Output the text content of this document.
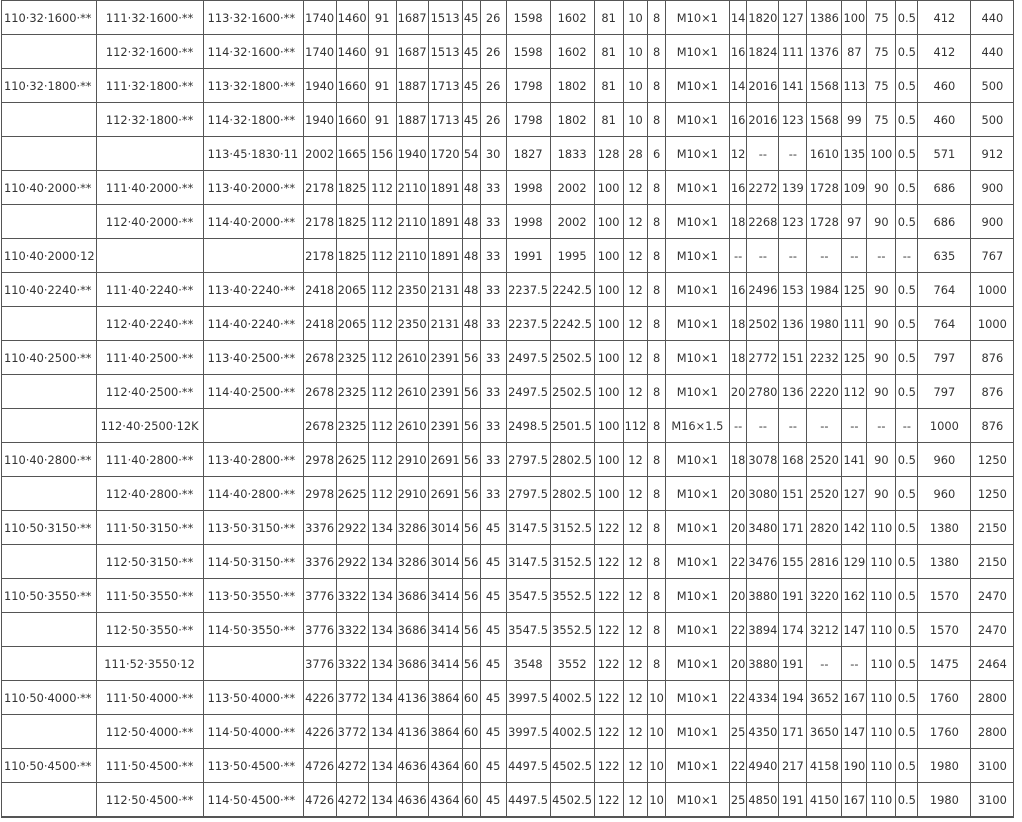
110·32·1600·**	111·32·1600·**	113·32·1600·**	1740	1460	91	1687	1513	45	26	1598	1602	81	10	8	M10×1	14	1820	127	1386	100	75	0.5	412	440
	112·32·1600·**	114·32·1600·**	1740	1460	91	1687	1513	45	26	1598	1602	81	10	8	M10×1	16	1824	111	1376	87	75	0.5	412	440
110·32·1800·**	111·32·1800·**	113·32·1800·**	1940	1660	91	1887	1713	45	26	1798	1802	81	10	8	M10×1	14	2016	141	1568	113	75	0.5	460	500
	112·32·1800·**	114·32·1800·**	1940	1660	91	1887	1713	45	26	1798	1802	81	10	8	M10×1	16	2016	123	1568	99	75	0.5	460	500
		113·45·1830·11	2002	1665	156	1940	1720	54	30	1827	1833	128	28	6	M10×1	12	--	--	1610	135	100	0.5	571	912
110·40·2000·**	111·40·2000·**	113·40·2000·**	2178	1825	112	2110	1891	48	33	1998	2002	100	12	8	M10×1	16	2272	139	1728	109	90	0.5	686	900
	112·40·2000·**	114·40·2000·**	2178	1825	112	2110	1891	48	33	1998	2002	100	12	8	M10×1	18	2268	123	1728	97	90	0.5	686	900
110·40·2000·12			2178	1825	112	2110	1891	48	33	1991	1995	100	12	8	M10×1	--	--	--	--	--	--	--	635	767
110·40·2240·**	111·40·2240·**	113·40·2240·**	2418	2065	112	2350	2131	48	33	2237.5	2242.5	100	12	8	M10×1	16	2496	153	1984	125	90	0.5	764	1000
	112·40·2240·**	114·40·2240·**	2418	2065	112	2350	2131	48	33	2237.5	2242.5	100	12	8	M10×1	18	2502	136	1980	111	90	0.5	764	1000
110·40·2500·**	111·40·2500·**	113·40·2500·**	2678	2325	112	2610	2391	56	33	2497.5	2502.5	100	12	8	M10×1	18	2772	151	2232	125	90	0.5	797	876
	112·40·2500·**	114·40·2500·**	2678	2325	112	2610	2391	56	33	2497.5	2502.5	100	12	8	M10×1	20	2780	136	2220	112	90	0.5	797	876
	112·40·2500·12K		2678	2325	112	2610	2391	56	33	2498.5	2501.5	100	112	8	M16×1.5	--	--	--	--	--	--	--	1000	876
110·40·2800·**	111·40·2800·**	113·40·2800·**	2978	2625	112	2910	2691	56	33	2797.5	2802.5	100	12	8	M10×1	18	3078	168	2520	141	90	0.5	960	1250
	112·40·2800·**	114·40·2800·**	2978	2625	112	2910	2691	56	33	2797.5	2802.5	100	12	8	M10×1	20	3080	151	2520	127	90	0.5	960	1250
110·50·3150·**	111·50·3150·**	113·50·3150·**	3376	2922	134	3286	3014	56	45	3147.5	3152.5	122	12	8	M10×1	20	3480	171	2820	142	110	0.5	1380	2150
	112·50·3150·**	114·50·3150·**	3376	2922	134	3286	3014	56	45	3147.5	3152.5	122	12	8	M10×1	22	3476	155	2816	129	110	0.5	1380	2150
110·50·3550·**	111·50·3550·**	113·50·3550·**	3776	3322	134	3686	3414	56	45	3547.5	3552.5	122	12	8	M10×1	20	3880	191	3220	162	110	0.5	1570	2470
	112·50·3550·**	114·50·3550·**	3776	3322	134	3686	3414	56	45	3547.5	3552.5	122	12	8	M10×1	22	3894	174	3212	147	110	0.5	1570	2470
	111·52·3550·12		3776	3322	134	3686	3414	56	45	3548	3552	122	12	8	M10×1	20	3880	191	--	--	110	0.5	1475	2464
110·50·4000·**	111·50·4000·**	113·50·4000·**	4226	3772	134	4136	3864	60	45	3997.5	4002.5	122	12	10	M10×1	22	4334	194	3652	167	110	0.5	1760	2800
	112·50·4000·**	114·50·4000·**	4226	3772	134	4136	3864	60	45	3997.5	4002.5	122	12	10	M10×1	25	4350	171	3650	147	110	0.5	1760	2800
110·50·4500·**	111·50·4500·**	113·50·4500·**	4726	4272	134	4636	4364	60	45	4497.5	4502.5	122	12	10	M10×1	22	4940	217	4158	190	110	0.5	1980	3100
	112·50·4500·**	114·50·4500·**	4726	4272	134	4636	4364	60	45	4497.5	4502.5	122	12	10	M10×1	25	4850	191	4150	167	110	0.5	1980	3100
